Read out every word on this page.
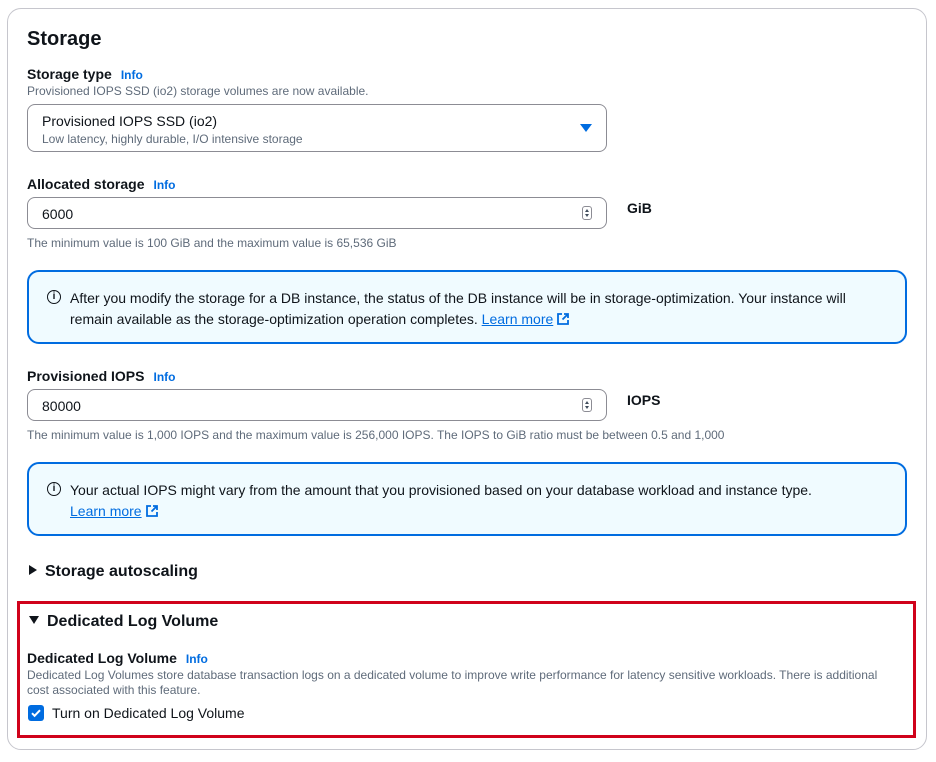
Storage
Storage type Info
Provisioned IOPS SSD (io2) storage volumes are now available.
Provisioned IOPS SSD (io2)
Low latency, highly durable, I/O intensive storage
Allocated storage Info
6000	GiB
The minimum value is 100 GiB and the maximum value is 65,536 GiB
i	After you modify the storage for a DB instance, the status of the DB instance will be in storage-optimization. Your instance will remain available as the storage-optimization operation completes. Learn more
Provisioned IOPS Info
80000	IOPS
The minimum value is 1,000 IOPS and the maximum value is 256,000 IOPS. The IOPS to GiB ratio must be between 0.5 and 1,000
i	Your actual IOPS might vary from the amount that you provisioned based on your database workload and instance type.
Learn more
Storage autoscaling
Dedicated Log Volume
Dedicated Log Volume Info
Dedicated Log Volumes store database transaction logs on a dedicated volume to improve write performance for latency sensitive workloads. There is additional cost associated with this feature.
Turn on Dedicated Log Volume
